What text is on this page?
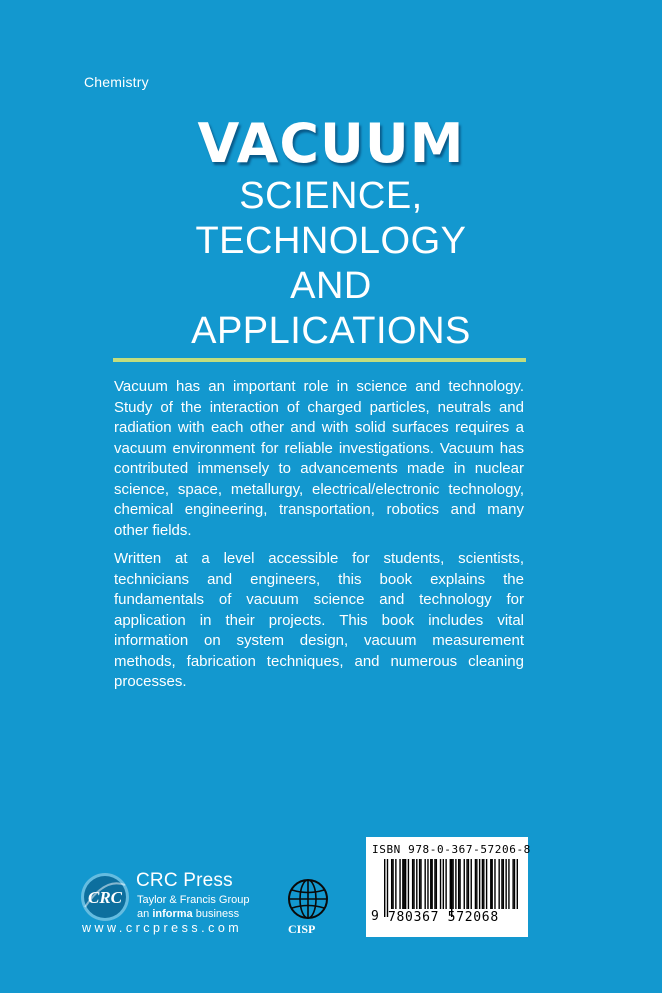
Chemistry
VACUUM
SCIENCE,
TECHNOLOGY
AND
APPLICATIONS

Vacuum has an important role in science and technology. Study of the interaction of charged particles, neutrals and radiation with each other and with solid surfaces requires a vacuum environment for reliable investigations. Vacuum has contributed immensely to advancements made in nuclear science, space, metallurgy, electrical/electronic technology, chemical engineering, transportation, robotics and many other fields.

Written at a level accessible for students, scientists, technicians and engineers, this book explains the fundamentals of vacuum science and technology for application in their projects. This book includes vital information on system design, vacuum measurement methods, fabrication techniques, and numerous cleaning processes.

CRC
CRC Press
Taylor & Francis Group
an informa business
www.crcpress.com	CISP
ISBN 978-0-367-57206-8
9 780367 572068
